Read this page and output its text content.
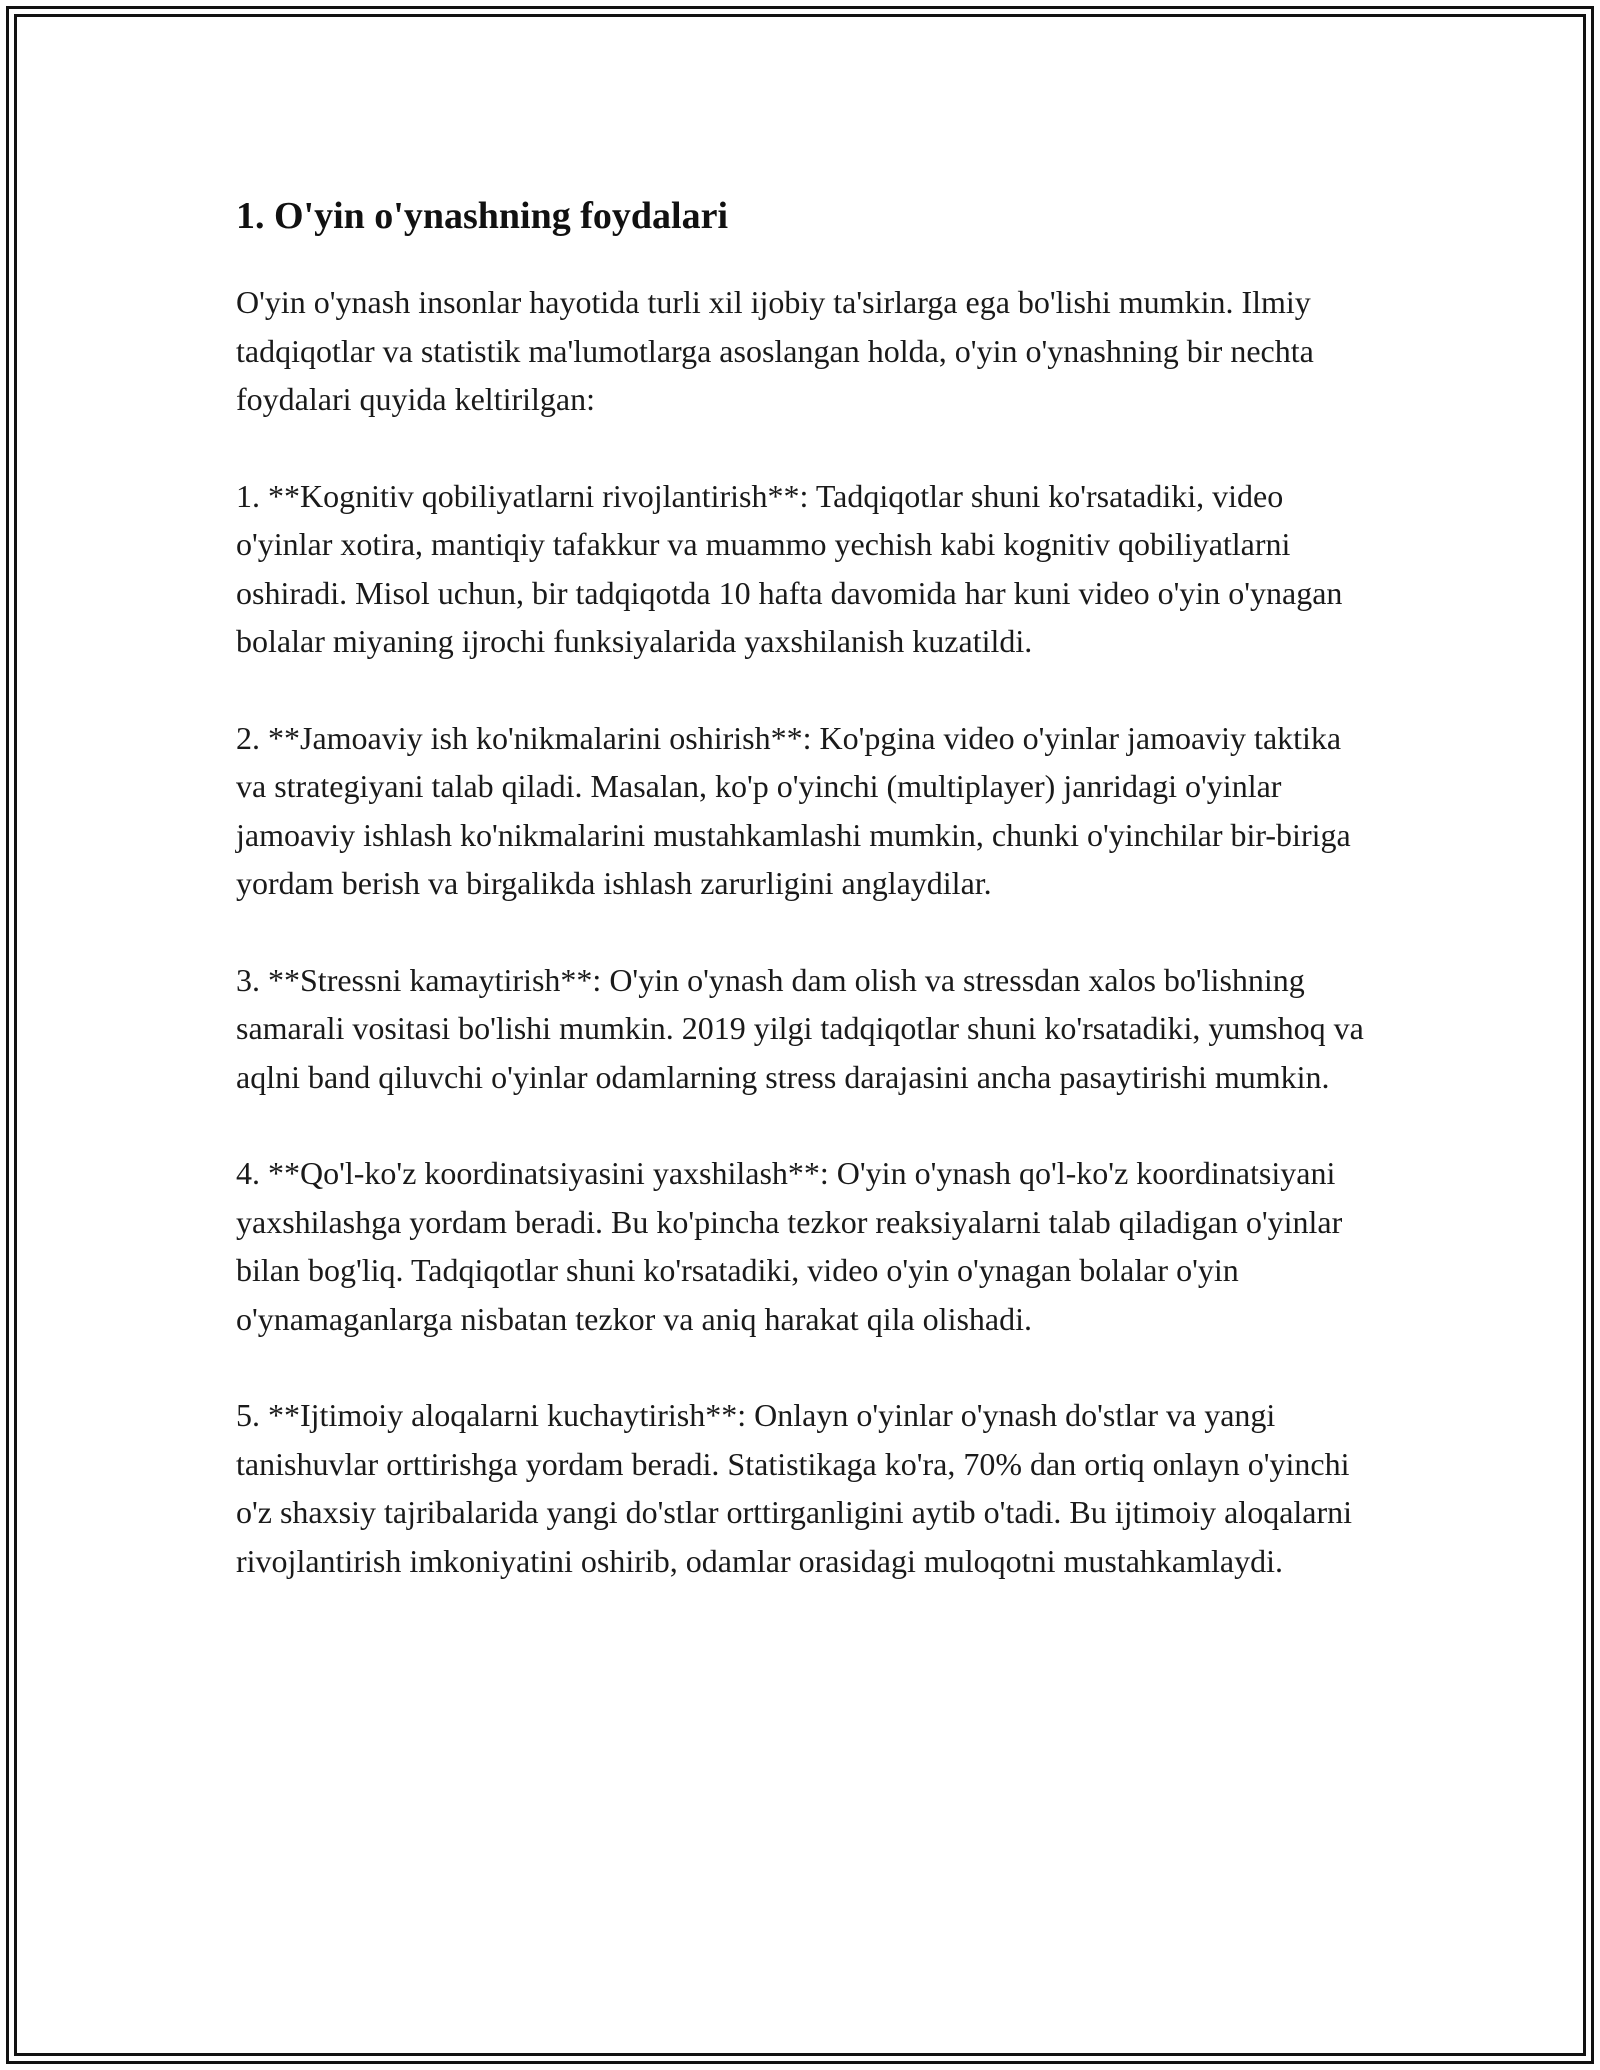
1. O'yin o'ynashning foydalari

O'yin o'ynash insonlar hayotida turli xil ijobiy ta'sirlarga ega bo'lishi mumkin. Ilmiy tadqiqotlar va statistik ma'lumotlarga asoslangan holda, o'yin o'ynashning bir nechta foydalari quyida keltirilgan:

1. **Kognitiv qobiliyatlarni rivojlantirish**: Tadqiqotlar shuni ko'rsatadiki, video o'yinlar xotira, mantiqiy tafakkur va muammo yechish kabi kognitiv qobiliyatlarni oshiradi. Misol uchun, bir tadqiqotda 10 hafta davomida har kuni video o'yin o'ynagan bolalar miyaning ijrochi funksiyalarida yaxshilanish kuzatildi.

2. **Jamoaviy ish ko'nikmalarini oshirish**: Ko'pgina video o'yinlar jamoaviy taktika va strategiyani talab qiladi. Masalan, ko'p o'yinchi (multiplayer) janridagi o'yinlar jamoaviy ishlash ko'nikmalarini mustahkamlashi mumkin, chunki o'yinchilar bir-biriga yordam berish va birgalikda ishlash zarurligini anglaydilar.

3. **Stressni kamaytirish**: O'yin o'ynash dam olish va stressdan xalos bo'lishning samarali vositasi bo'lishi mumkin. 2019 yilgi tadqiqotlar shuni ko'rsatadiki, yumshoq va aqlni band qiluvchi o'yinlar odamlarning stress darajasini ancha pasaytirishi mumkin.

4. **Qo'l-ko'z koordinatsiyasini yaxshilash**: O'yin o'ynash qo'l-ko'z koordinatsiyani yaxshilashga yordam beradi. Bu ko'pincha tezkor reaksiyalarni talab qiladigan o'yinlar bilan bog'liq. Tadqiqotlar shuni ko'rsatadiki, video o'yin o'ynagan bolalar o'yin o'ynamaganlarga nisbatan tezkor va aniq harakat qila olishadi.

5. **Ijtimoiy aloqalarni kuchaytirish**: Onlayn o'yinlar o'ynash do'stlar va yangi tanishuvlar orttirishga yordam beradi. Statistikaga ko'ra, 70% dan ortiq onlayn o'yinchi o'z shaxsiy tajribalarida yangi do'stlar orttirganligini aytib o'tadi. Bu ijtimoiy aloqalarni rivojlantirish imkoniyatini oshirib, odamlar orasidagi muloqotni mustahkamlaydi.
